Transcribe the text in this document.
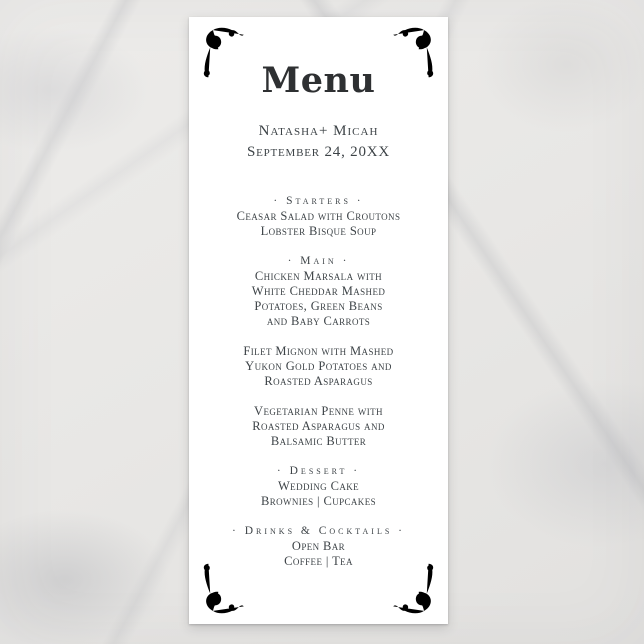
Menu
Natasha+ Micah
September 24, 20XX
· Starters ·
Ceasar Salad with Croutons
Lobster Bisque Soup
· Main ·
Chicken Marsala with
White Cheddar Mashed
Potatoes, Green Beans
and Baby Carrots
Filet Mignon with Mashed
Yukon Gold Potatoes and
Roasted Asparagus
Vegetarian Penne with
Roasted Asparagus and
Balsamic Butter
· Dessert ·
Wedding Cake
Brownies | Cupcakes
· Drinks & Cocktails ·
Open Bar
Coffee | Tea
